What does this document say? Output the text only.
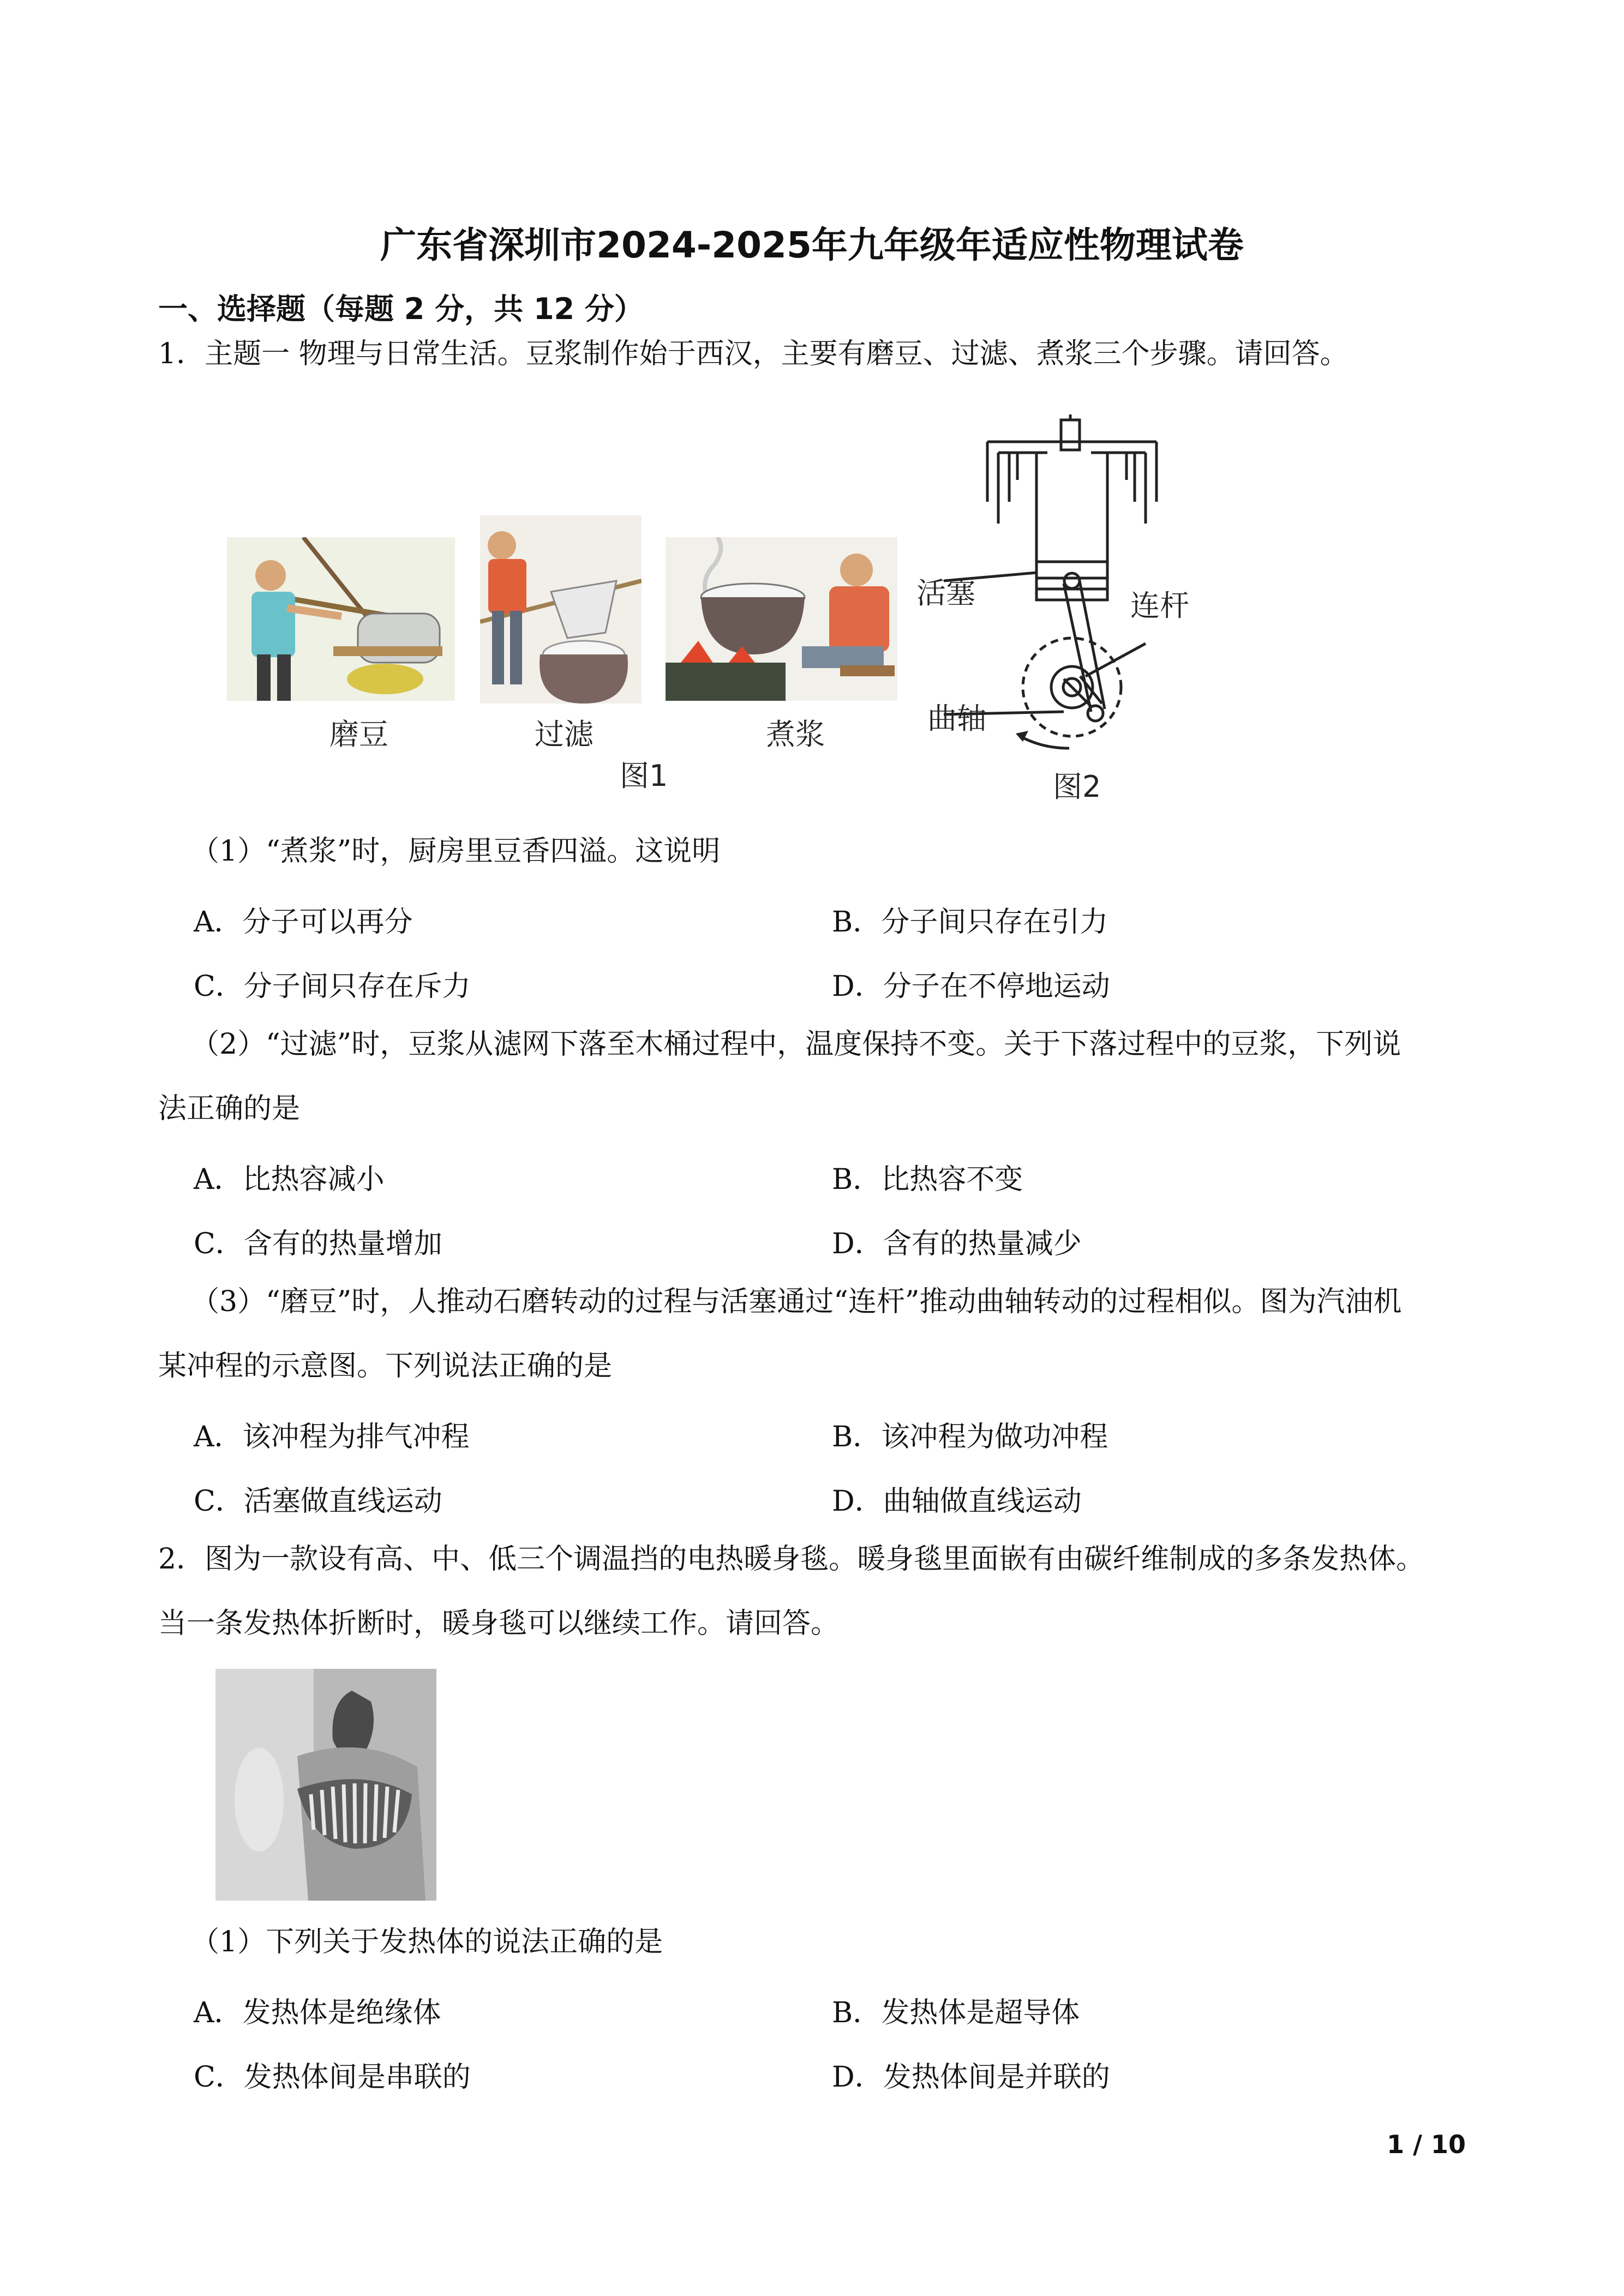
广东省深圳市2024-2025年九年级年适应性物理试卷
一、选择题（每题 2 分，共 12 分）
1．主题一 物理与日常生活。豆浆制作始于西汉，主要有磨豆、过滤、煮浆三个步骤。请回答。
磨豆	过滤	煮浆
图1
活塞	连杆
曲轴
图2
（1）“煮浆”时，厨房里豆香四溢。这说明
A．分子可以再分	B．分子间只存在引力
C．分子间只存在斥力	D．分子在不停地运动
（2）“过滤”时，豆浆从滤网下落至木桶过程中，温度保持不变。关于下落过程中的豆浆，下列说
法正确的是
A．比热容减小	B．比热容不变
C．含有的热量增加	D．含有的热量减少
（3）“磨豆”时，人推动石磨转动的过程与活塞通过“连杆”推动曲轴转动的过程相似。图为汽油机
某冲程的示意图。下列说法正确的是
A．该冲程为排气冲程	B．该冲程为做功冲程
C．活塞做直线运动	D．曲轴做直线运动
2．图为一款设有高、中、低三个调温挡的电热暖身毯。暖身毯里面嵌有由碳纤维制成的多条发热体。
当一条发热体折断时，暖身毯可以继续工作。请回答。
（1）下列关于发热体的说法正确的是
A．发热体是绝缘体	B．发热体是超导体
C．发热体间是串联的	D．发热体间是并联的
1 / 10
